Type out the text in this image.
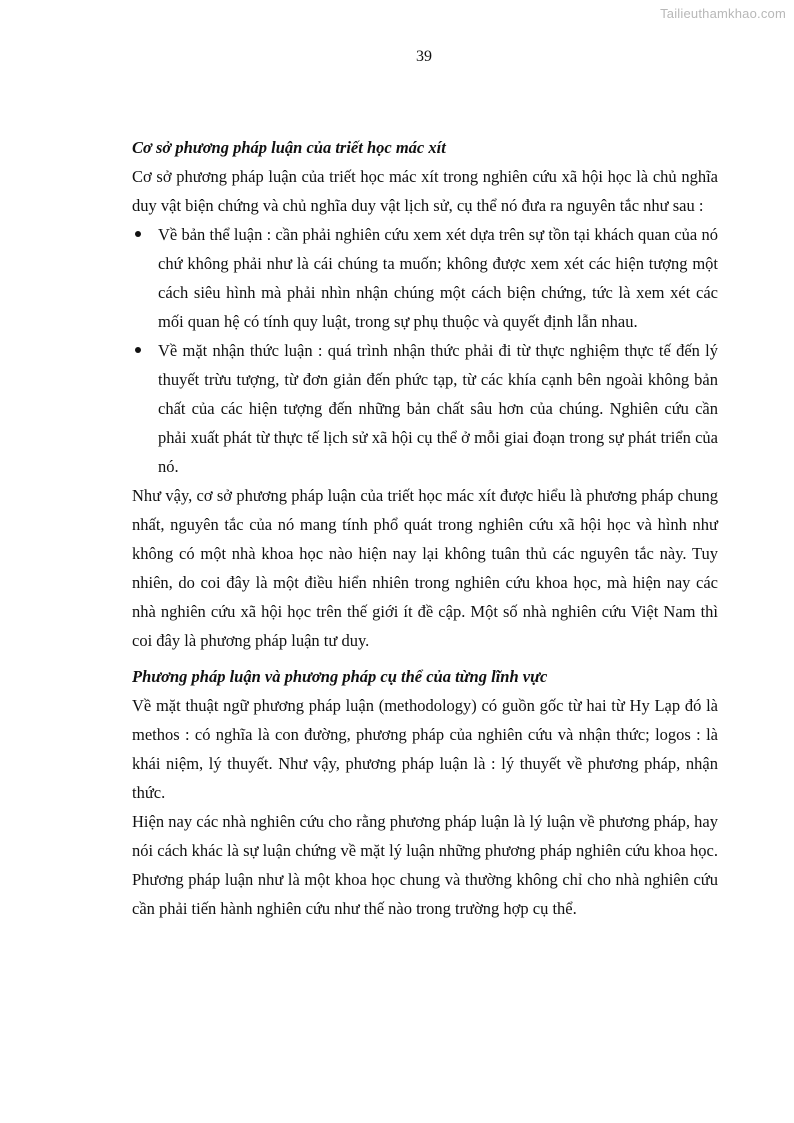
Tailieuthamkhao.com
39

Cơ sở phương pháp luận của triết học mác xít

Cơ sở phương pháp luận của triết học mác xít trong nghiên cứu xã hội học là chủ nghĩa duy vật biện chứng và chủ nghĩa duy vật lịch sử, cụ thể nó đưa ra nguyên tắc như sau :

Về bản thể luận : cần phải nghiên cứu xem xét dựa trên sự tồn tại khách quan của nó chứ không phải như là cái chúng ta muốn; không được xem xét các hiện tượng một cách siêu hình mà phải nhìn nhận chúng một cách biện chứng, tức là xem xét các mối quan hệ có tính quy luật, trong sự phụ thuộc và quyết định lẫn nhau.
Về mặt nhận thức luận : quá trình nhận thức phải đi từ thực nghiệm thực tế đến lý thuyết trừu tượng, từ đơn giản đến phức tạp, từ các khía cạnh bên ngoài không bản chất của các hiện tượng đến những bản chất sâu hơn của chúng. Nghiên cứu cần phải xuất phát từ thực tế lịch sử xã hội cụ thể ở mỗi giai đoạn trong sự phát triển của nó.

Như vậy, cơ sở phương pháp luận của triết học mác xít được hiểu là phương pháp chung nhất, nguyên tắc của nó mang tính phổ quát trong nghiên cứu xã hội học và hình như không có một nhà khoa học nào hiện nay lại không tuân thủ các nguyên tắc này. Tuy nhiên, do coi đây là một điều hiển nhiên trong nghiên cứu khoa học, mà hiện nay các nhà nghiên cứu xã hội học trên thế giới ít đề cập. Một số nhà nghiên cứu Việt Nam thì coi đây là phương pháp luận tư duy.

Phương pháp luận và phương pháp cụ thể của từng lĩnh vực

Về mặt thuật ngữ phương pháp luận (methodology) có guồn gốc từ hai từ Hy Lạp đó là methos : có nghĩa là con đường, phương pháp của nghiên cứu và nhận thức; logos : là khái niệm, lý thuyết. Như vậy, phương pháp luận là : lý thuyết về phương pháp, nhận thức.

Hiện nay các nhà nghiên cứu cho rằng phương pháp luận là lý luận về phương pháp, hay nói cách khác là sự luận chứng về mặt lý luận những phương pháp nghiên cứu khoa học. Phương pháp luận như là một khoa học chung và thường không chỉ cho nhà nghiên cứu cần phải tiến hành nghiên cứu như thế nào trong trường hợp cụ thể.
